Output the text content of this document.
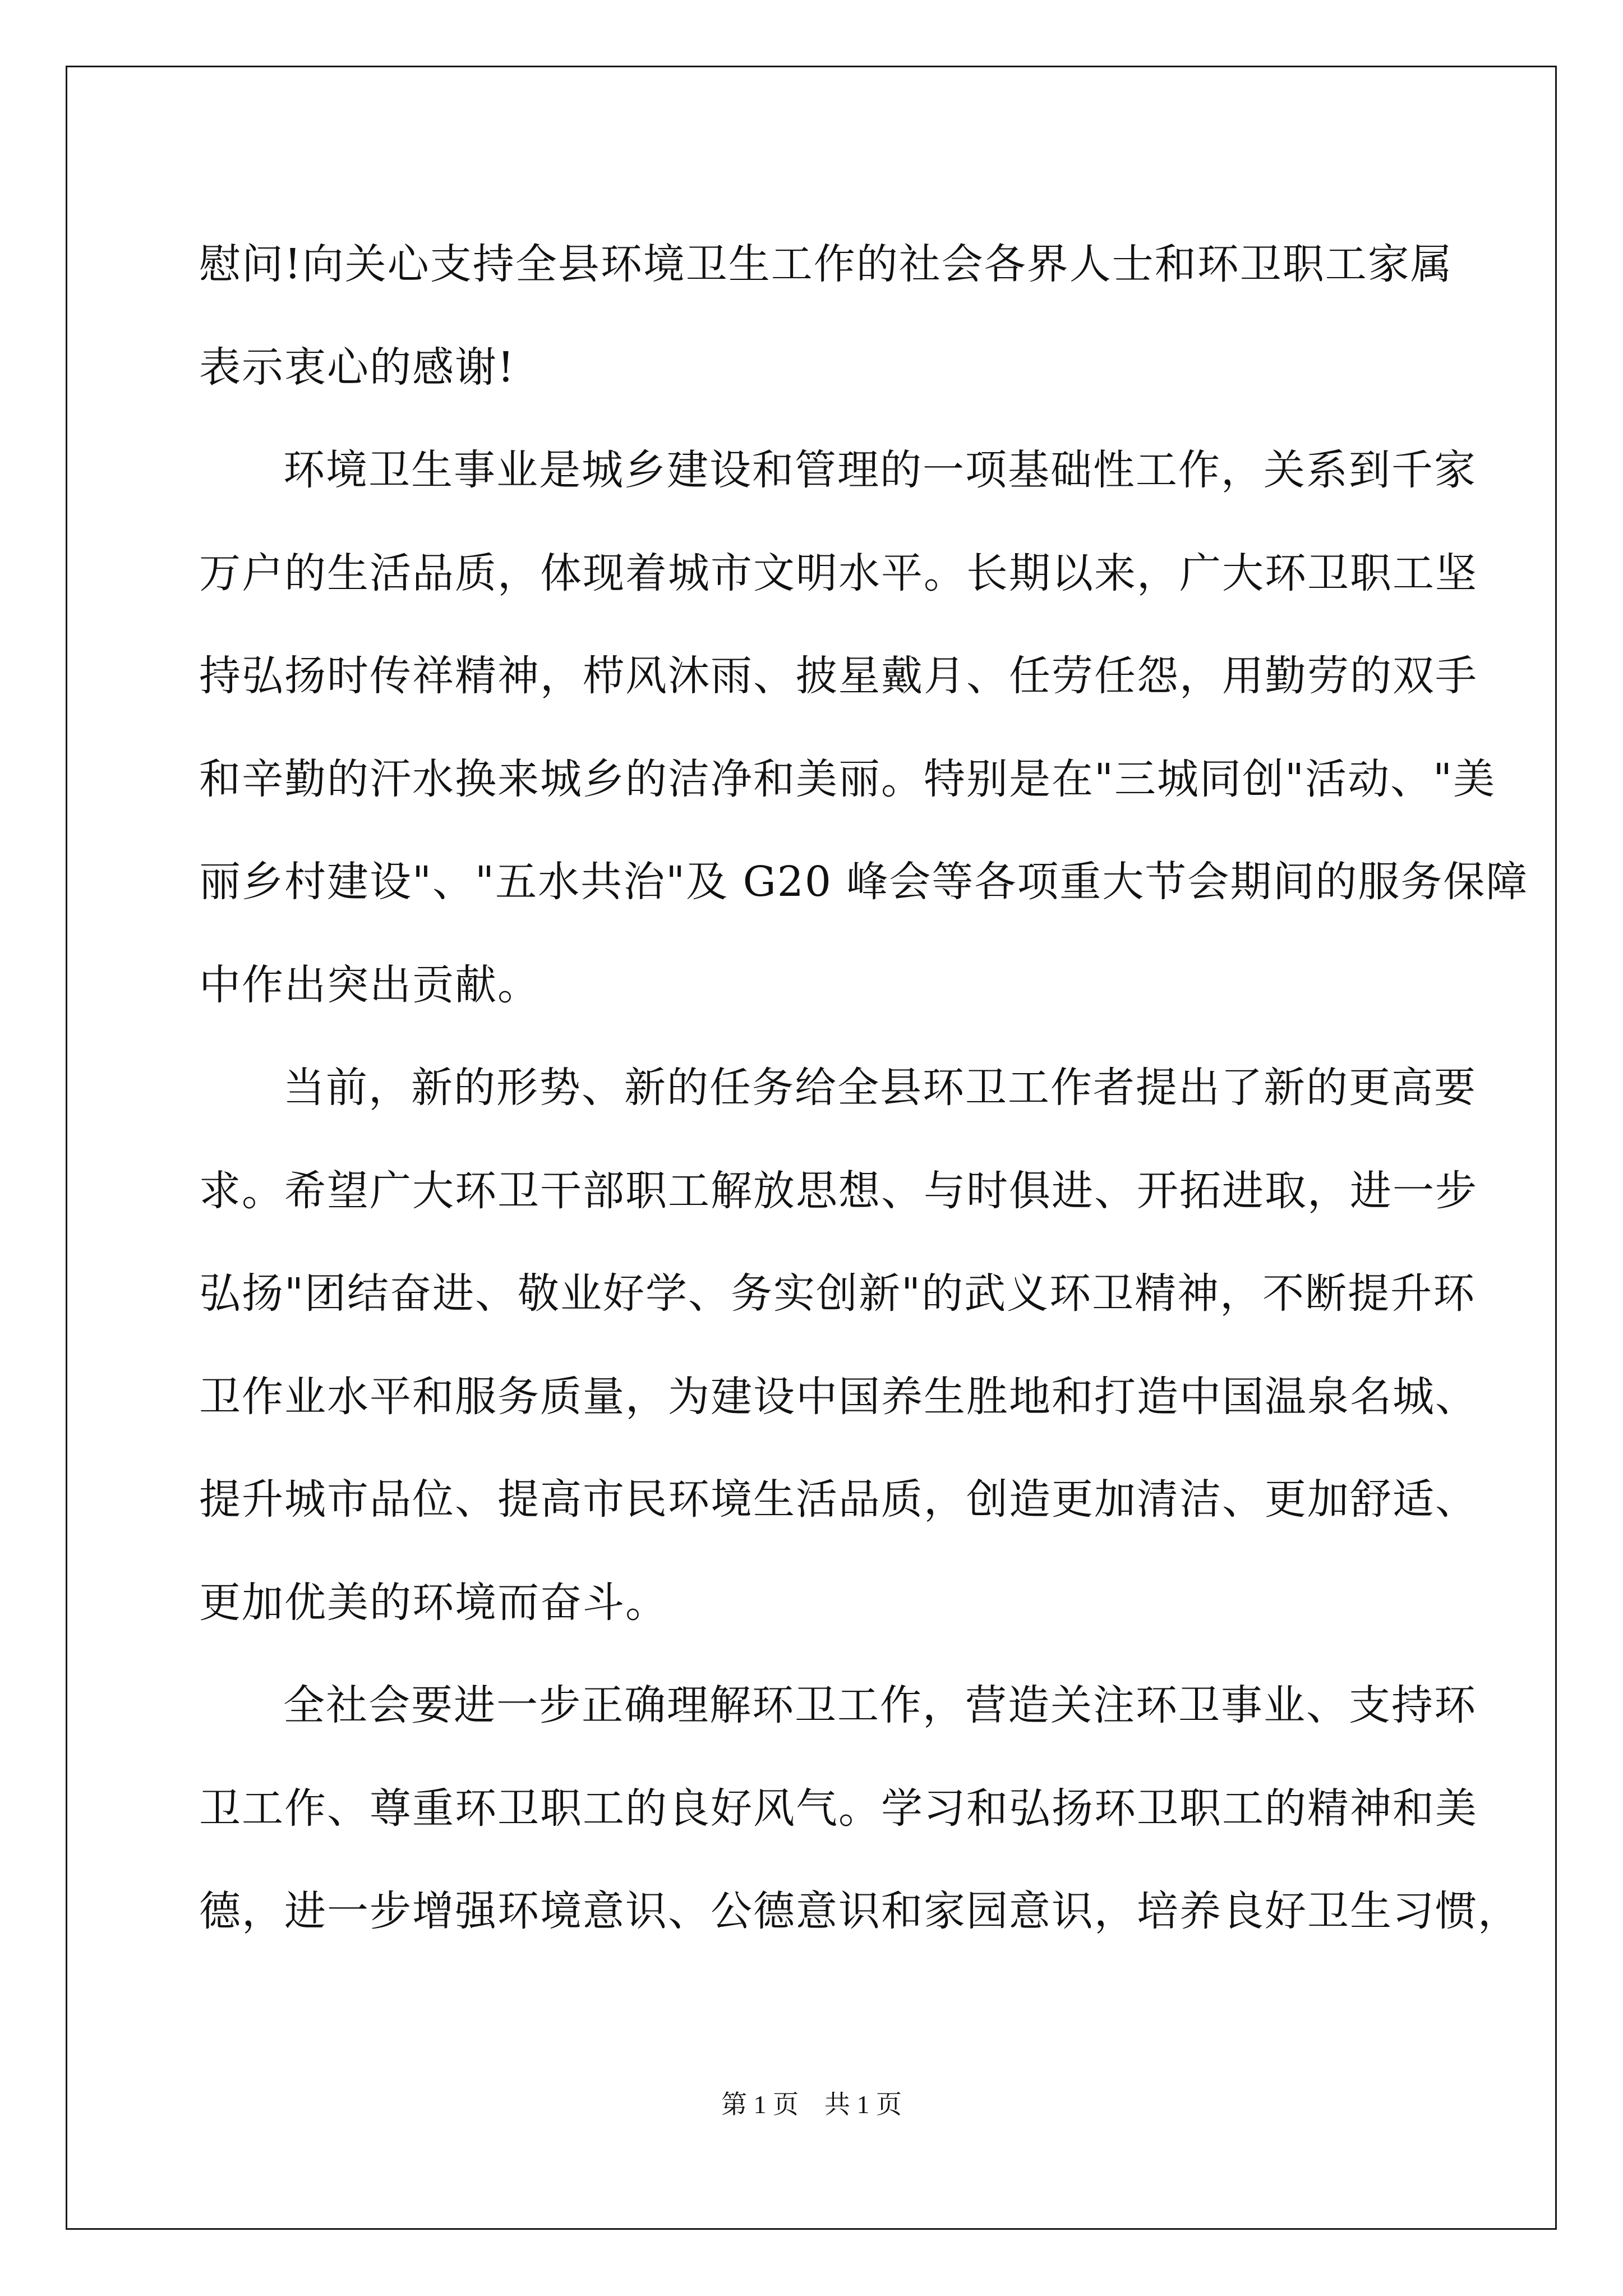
慰问!向关心支持全县环境卫生工作的社会各界人士和环卫职工家属
表示衷心的感谢!
环境卫生事业是城乡建设和管理的一项基础性工作，关系到千家
万户的生活品质，体现着城市文明水平。长期以来，广大环卫职工坚
持弘扬时传祥精神，栉风沐雨、披星戴月、任劳任怨，用勤劳的双手
和辛勤的汗水换来城乡的洁净和美丽。特别是在"三城同创"活动、"美
丽乡村建设"、"五水共治"及 G20 峰会等各项重大节会期间的服务保障
中作出突出贡献。
当前，新的形势、新的任务给全县环卫工作者提出了新的更高要
求。希望广大环卫干部职工解放思想、与时俱进、开拓进取，进一步
弘扬"团结奋进、敬业好学、务实创新"的武义环卫精神，不断提升环
卫作业水平和服务质量，为建设中国养生胜地和打造中国温泉名城、
提升城市品位、提高市民环境生活品质，创造更加清洁、更加舒适、
更加优美的环境而奋斗。
全社会要进一步正确理解环卫工作，营造关注环卫事业、支持环
卫工作、尊重环卫职工的良好风气。学习和弘扬环卫职工的精神和美
德，进一步增强环境意识、公德意识和家园意识，培养良好卫生习惯，
第 1 页　共 1 页
